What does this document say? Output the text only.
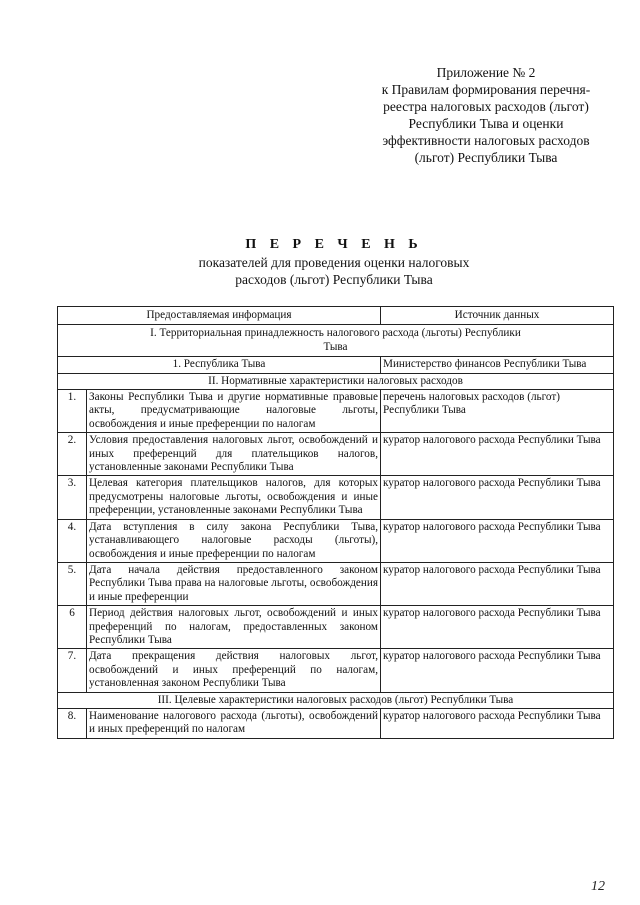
Приложение № 2
к Правилам формирования перечня-
реестра налоговых расходов (льгот)
Республики Тыва и оценки
эффективности налоговых расходов
(льгот) Республики Тыва
П Е Р Е Ч Е Н Ь
показателей для проведения оценки налоговых
расходов (льгот) Республики Тыва
Предоставляемая информация		Источник данных
I. Территориальная принадлежность налогового расхода (льготы) Республики Тыва		
1. Республика Тыва		Министерство финансов Республики Тыва
II. Нормативные характеристики налоговых расходов		
1.	Законы Республики Тыва и другие нормативные правовые акты, предусматривающие налоговые льготы, освобождения и иные преференции по налогам	перечень налоговых расходов (льгот) Республики Тыва
2.	Условия предоставления налоговых льгот, освобождений и иных преференций для плательщиков налогов, установленные законами Республики Тыва	куратор налогового расхода Республики Тыва
3.	Целевая категория плательщиков налогов, для которых предусмотрены налоговые льготы, освобождения и иные преференции, установленные законами Республики Тыва	куратор налогового расхода Республики Тыва
4.	Дата вступления в силу закона Республики Тыва, устанавливающего налоговые расходы (льготы), освобождения и иные преференции по налогам	куратор налогового расхода Республики Тыва
5.	Дата начала действия предоставленного законом Республики Тыва права на налоговые льготы, освобождения и иные преференции	куратор налогового расхода Республики Тыва
6	Период действия налоговых льгот, освобождений и иных преференций по налогам, предоставленных законом Республики Тыва	куратор налогового расхода Республики Тыва
7.	Дата прекращения действия налоговых льгот, освобождений и иных преференций по налогам, установленная законом Республики Тыва	куратор налогового расхода Республики Тыва
III. Целевые характеристики налоговых расходов (льгот) Республики Тыва		
8.	Наименование налогового расхода (льготы), освобождений и иных преференций по налогам	куратор налогового расхода Республики Тыва
12
